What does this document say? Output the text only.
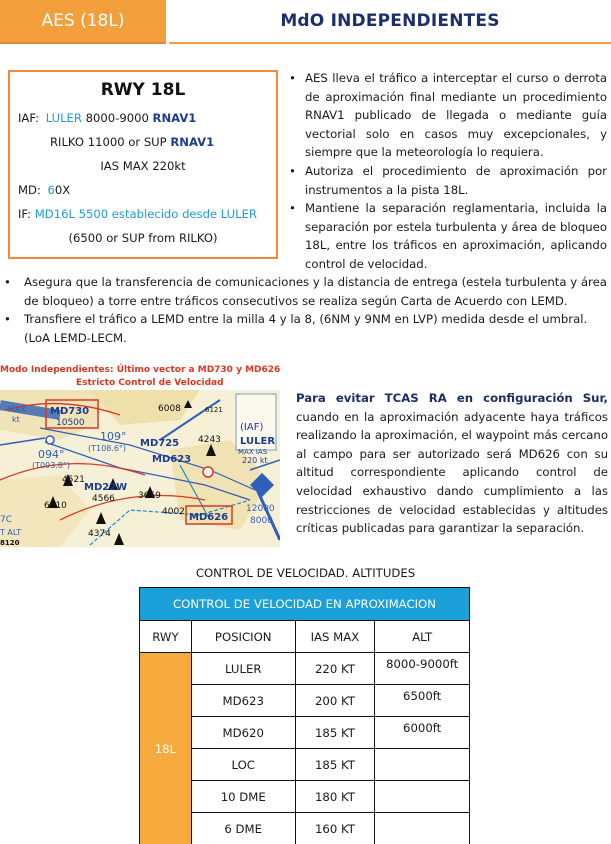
AES (18L)	MdO INDEPENDIENTES
RWY 18L
IAF: LULER 8000-9000 RNAV1
RILKO 11000 or SUP RNAV1
IAS MAX 220kt
MD: 60X
IF: MD16L 5500 establecido desde LULER
(6500 or SUP from RILKO)
• AES lleva el tráfico a interceptar el curso o derrota de aproximación final mediante un procedimiento RNAV1 publicado de llegada o mediante guía vectorial solo en casos muy excepcionales, y siempre que la meteorología lo requiera.
• Autoriza el procedimiento de aproximación por instrumentos a la pista 18L.
• Mantiene la separación reglamentaria, incluida la separación por estela turbulenta y área de bloqueo 18L, entre los tráficos en aproximación, aplicando control de velocidad.
• Asegura que la transferencia de comunicaciones y la distancia de entrega (estela turbulenta y área de bloqueo) a torre entre tráficos consecutivos se realiza según Carta de Acuerdo con LEMD.
• Transfiere el tráfico a LEMD entre la milla 4 y la 8, (6NM y 9NM en LVP) medida desde el umbral. (LoA LEMD-LECM.
Modo Independientes: Último vector a MD730 y MD626
Estricto Control de Velocidad
MAX
kt
MD730
10500
6008	6121
109°
(T108.6°) MD725
094°
(T093.8°)
MD623
4243
(IAF)
LULER
MAX IAS
220 kt
4521
MD22W
4566	3659
6010
4002 MD626
4374
12000
8000
7C
T ALT
8120
Para evitar TCAS RA en configuración Sur, cuando en la aproximación adyacente haya tráficos realizando la aproximación, el waypoint más cercano al campo para ser autorizado será MD626 con su altitud correspondiente aplicando control de velocidad exhaustivo dando cumplimiento a las restricciones de velocidad establecidas y altitudes críticas publicadas para garantizar la separación.
CONTROL DE VELOCIDAD. ALTITUDES
CONTROL DE VELOCIDAD EN APROXIMACION			
RWY	POSICION	IAS MAX	ALT
18L	LULER	220 KT	8000-9000ft
	MD623	200 KT	6500ft
	MD620	185 KT	6000ft
	LOC	185 KT	
	10 DME	180 KT	
	6 DME	160 KT	
